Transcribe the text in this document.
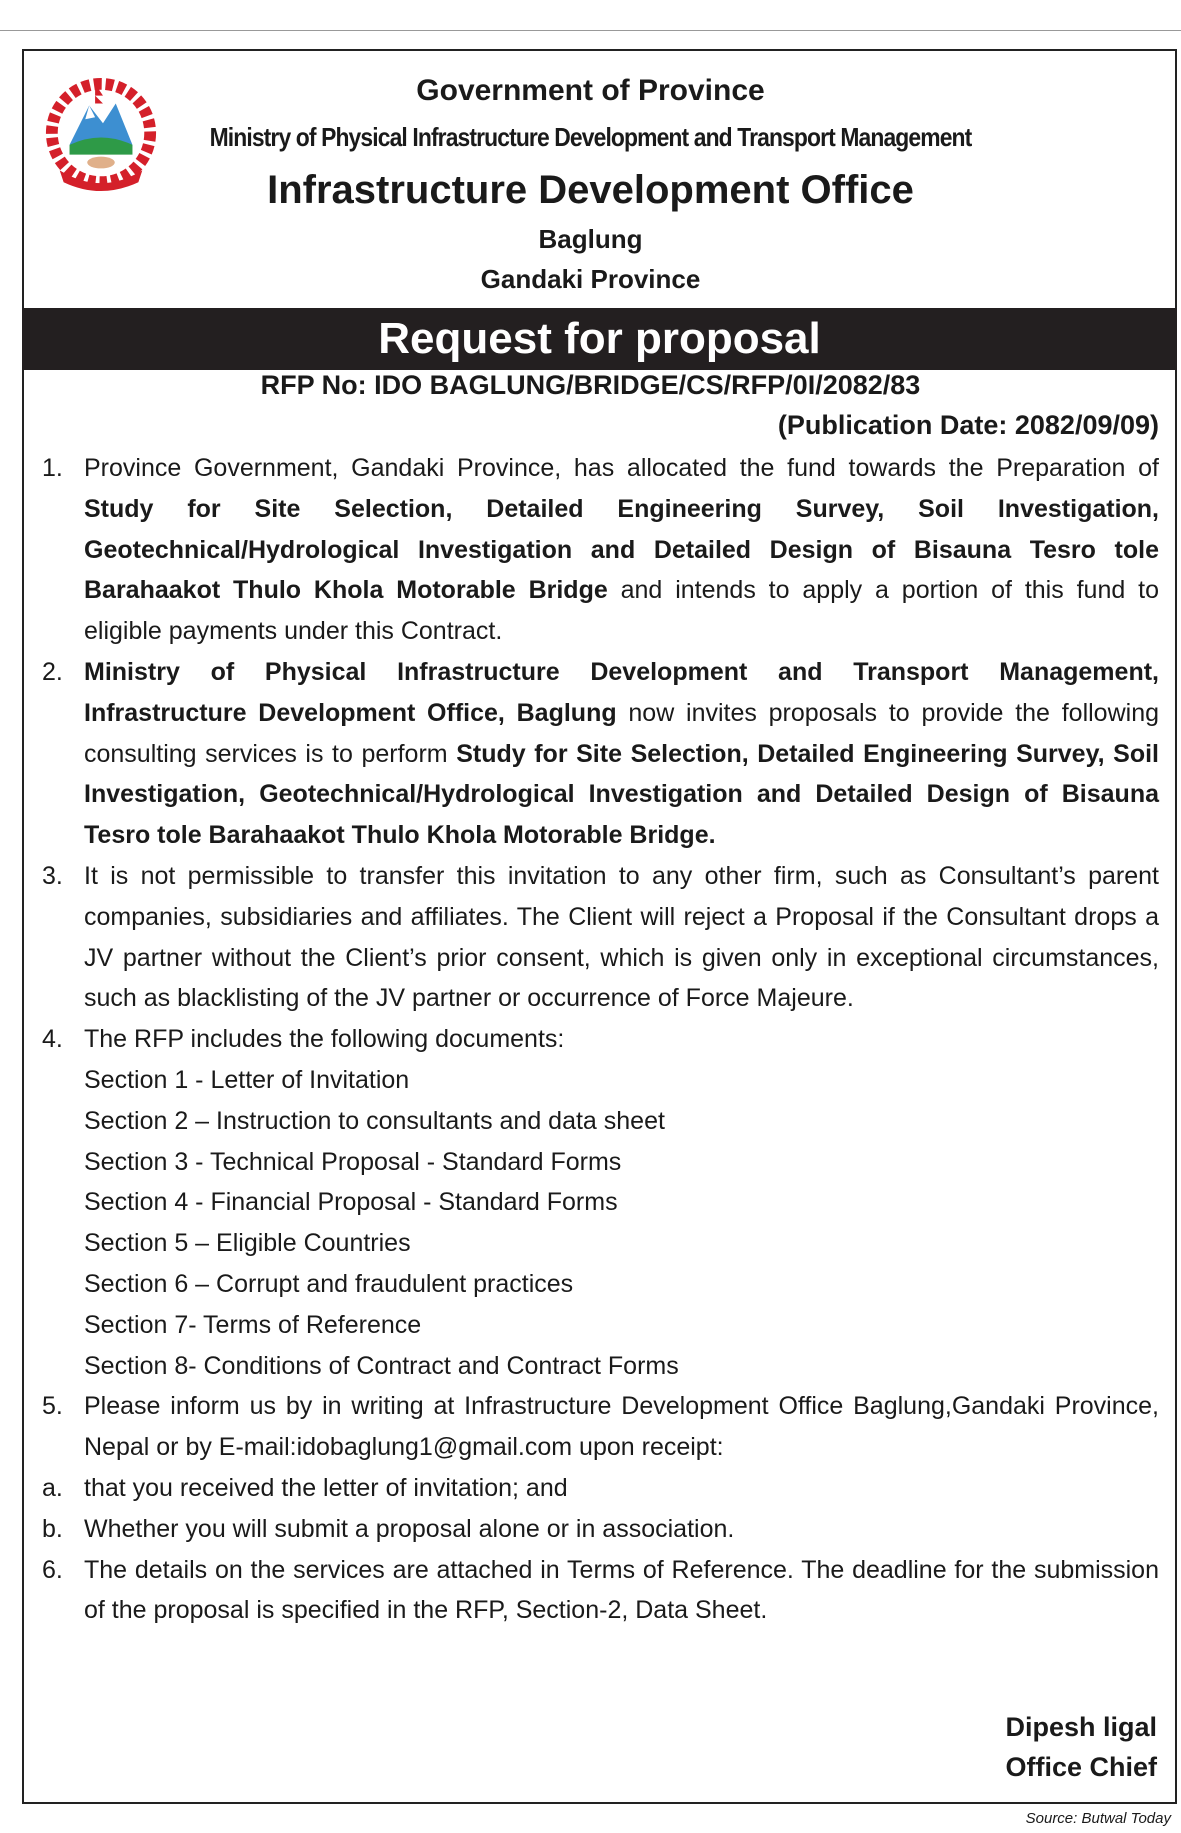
Government of Province
Ministry of Physical Infrastructure Development and Transport Management
Infrastructure Development Office
Baglung
Gandaki Province
Request for proposal
RFP No: IDO BAGLUNG/BRIDGE/CS/RFP/0I/2082/83
(Publication Date: 2082/09/09)
1. Province Government, Gandaki Province, has allocated the fund towards the Preparation of Study for Site Selection, Detailed Engineering Survey, Soil Investigation, Geotechnical/Hydrological Investigation and Detailed Design of Bisauna Tesro tole Barahaakot Thulo Khola Motorable Bridge and intends to apply a portion of this fund to eligible payments under this Contract.
2. Ministry of Physical Infrastructure Development and Transport Management, Infrastructure Development Office, Baglung now invites proposals to provide the following consulting services is to perform Study for Site Selection, Detailed Engineering Survey, Soil Investigation, Geotechnical/Hydrological Investigation and Detailed Design of Bisauna Tesro tole Barahaakot Thulo Khola Motorable Bridge.
3. It is not permissible to transfer this invitation to any other firm, such as Consultant’s parent companies, subsidiaries and affiliates. The Client will reject a Proposal if the Consultant drops a JV partner without the Client’s prior consent, which is given only in exceptional circumstances, such as blacklisting of the JV partner or occurrence of Force Majeure.
4. The RFP includes the following documents:
Section 1 - Letter of Invitation
Section 2 – Instruction to consultants and data sheet
Section 3 - Technical Proposal - Standard Forms
Section 4 - Financial Proposal - Standard Forms
Section 5 – Eligible Countries
Section 6 – Corrupt and fraudulent practices
Section 7- Terms of Reference
Section 8- Conditions of Contract and Contract Forms
5. Please inform us by in writing at Infrastructure Development Office Baglung,Gandaki Province, Nepal or by E-mail:idobaglung1@gmail.com upon receipt:
a. that you received the letter of invitation; and
b. Whether you will submit a proposal alone or in association.
6. The details on the services are attached in Terms of Reference. The deadline for the submission of the proposal is specified in the RFP, Section-2, Data Sheet.
Dipesh ligal
Office Chief
Source: Butwal Today
